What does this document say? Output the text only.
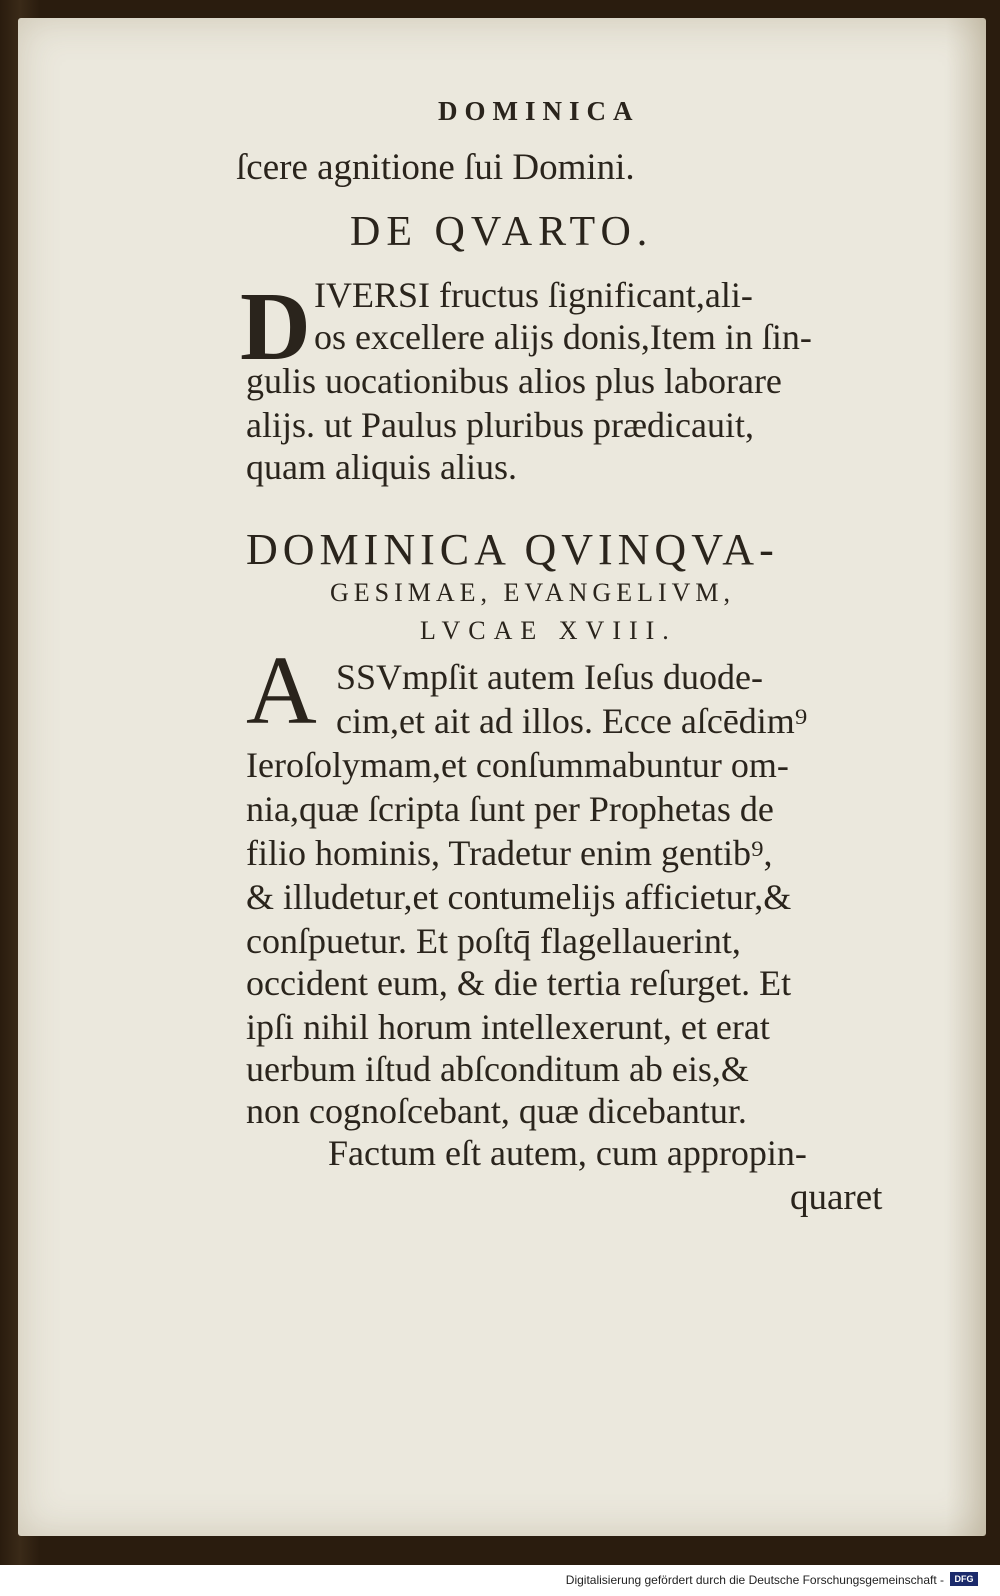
DOMINICA
ſcere agnitione ſui Domini.
DE QVARTO.
D IVERSI fructus ſignificant,ali-
os excellere alijs donis,Item in ſin-
gulis uocationibus alios plus laborare
alijs. ut Paulus pluribus prædicauit,
quam aliquis alius.
DOMINICA QVINQVA-
GESIMAE, EVANGELIVM,
LVCAE XVIII.
A SSVmpſit autem Ieſus duode-
cim,et ait ad illos. Ecce aſcēdim⁹
Ieroſolymam,et conſummabuntur om-
nia,quæ ſcripta ſunt per Prophetas de
filio hominis, Tradetur enim gentib⁹,
& illudetur,et contumelijs afficietur,&
conſpuetur. Et poſtq̄ flagellauerint,
occident eum, & die tertia reſurget. Et
ipſi nihil horum intellexerunt, et erat
uerbum iſtud abſconditum ab eis,&
non cognoſcebant, quæ dicebantur.
Factum eſt autem, cum appropin-
quaret
Digitalisierung gefördert durch die Deutsche Forschungsgemeinschaft -	DFG
